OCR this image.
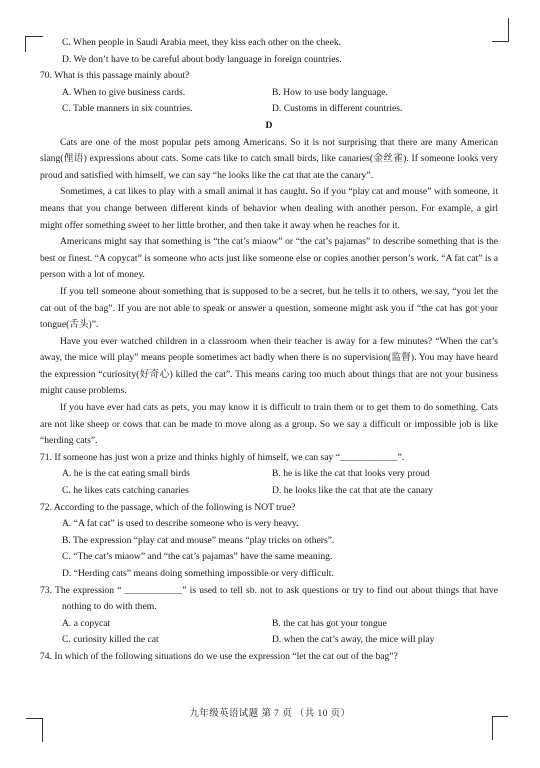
C. When people in Saudi Arabia meet, they kiss each other on the cheek.
D. We don’t have to be careful about body language in foreign countries.
70. What is this passage mainly about?
A. When to give business cards.	B. How to use body language.
C. Table manners in six countries.	D. Customs in different countries.
D
Cats are one of the most popular pets among Americans. So it is not surprising that there are many American slang(俚语) expressions about cats. Some cats like to catch small birds, like canaries(金丝雀). If someone looks very proud and satisfied with himself, we can say “he looks like the cat that ate the canary”.
Sometimes, a cat likes to play with a small animal it has caught. So if you “play cat and mouse” with someone, it means that you change between different kinds of behavior when dealing with another person. For example, a girl might offer something sweet to her little brother, and then take it away when he reaches for it.
Americans might say that something is “the cat’s miaow” or “the cat’s pajamas” to describe something that is the best or finest. “A copycat” is someone who acts just like someone else or copies another person’s work. “A fat cat” is a person with a lot of money.
If you tell someone about something that is supposed to be a secret, but he tells it to others, we say, “you let the cat out of the bag”. If you are not able to speak or answer a question, someone might ask you if “the cat has got your tongue(舌头)”.
Have you ever watched children in a classroom when their teacher is away for a few minutes? “When the cat’s away, the mice will play” means people sometimes act badly when there is no supervision(监督). You may have heard the expression “curiosity(好奇心) killed the cat”. This means caring too much about things that are not your business might cause problems.
If you have ever had cats as pets, you may know it is difficult to train them or to get them to do something. Cats are not like sheep or cows that can be made to move along as a group. So we say a difficult or impossible job is like “herding cats”.
71. If someone has just won a prize and thinks highly of himself, we can say “____________”.
A. he is the cat eating small birds	B. he is like the cat that looks very proud
C. he likes cats catching canaries	D. he looks like the cat that ate the canary
72. According to the passage, which of the following is NOT true?
A. “A fat cat” is used to describe someone who is very heavy.
B. The expression “play cat and mouse” means “play tricks on others”.
C. “The cat’s miaow” and “the cat’s pajamas” have the same meaning.
D. “Herding cats” means doing something impossible or very difficult.
73. The expression “ ____________” is used to tell sb. not to ask questions or try to find out about things that have nothing to do with them.
A. a copycat	B. the cat has got your tongue
C. curiosity killed the cat	D. when the cat’s away, the mice will play
74. In which of the following situations do we use the expression “let the cat out of the bag”?
九年级英语试题 第 7 页 （共 10 页）
